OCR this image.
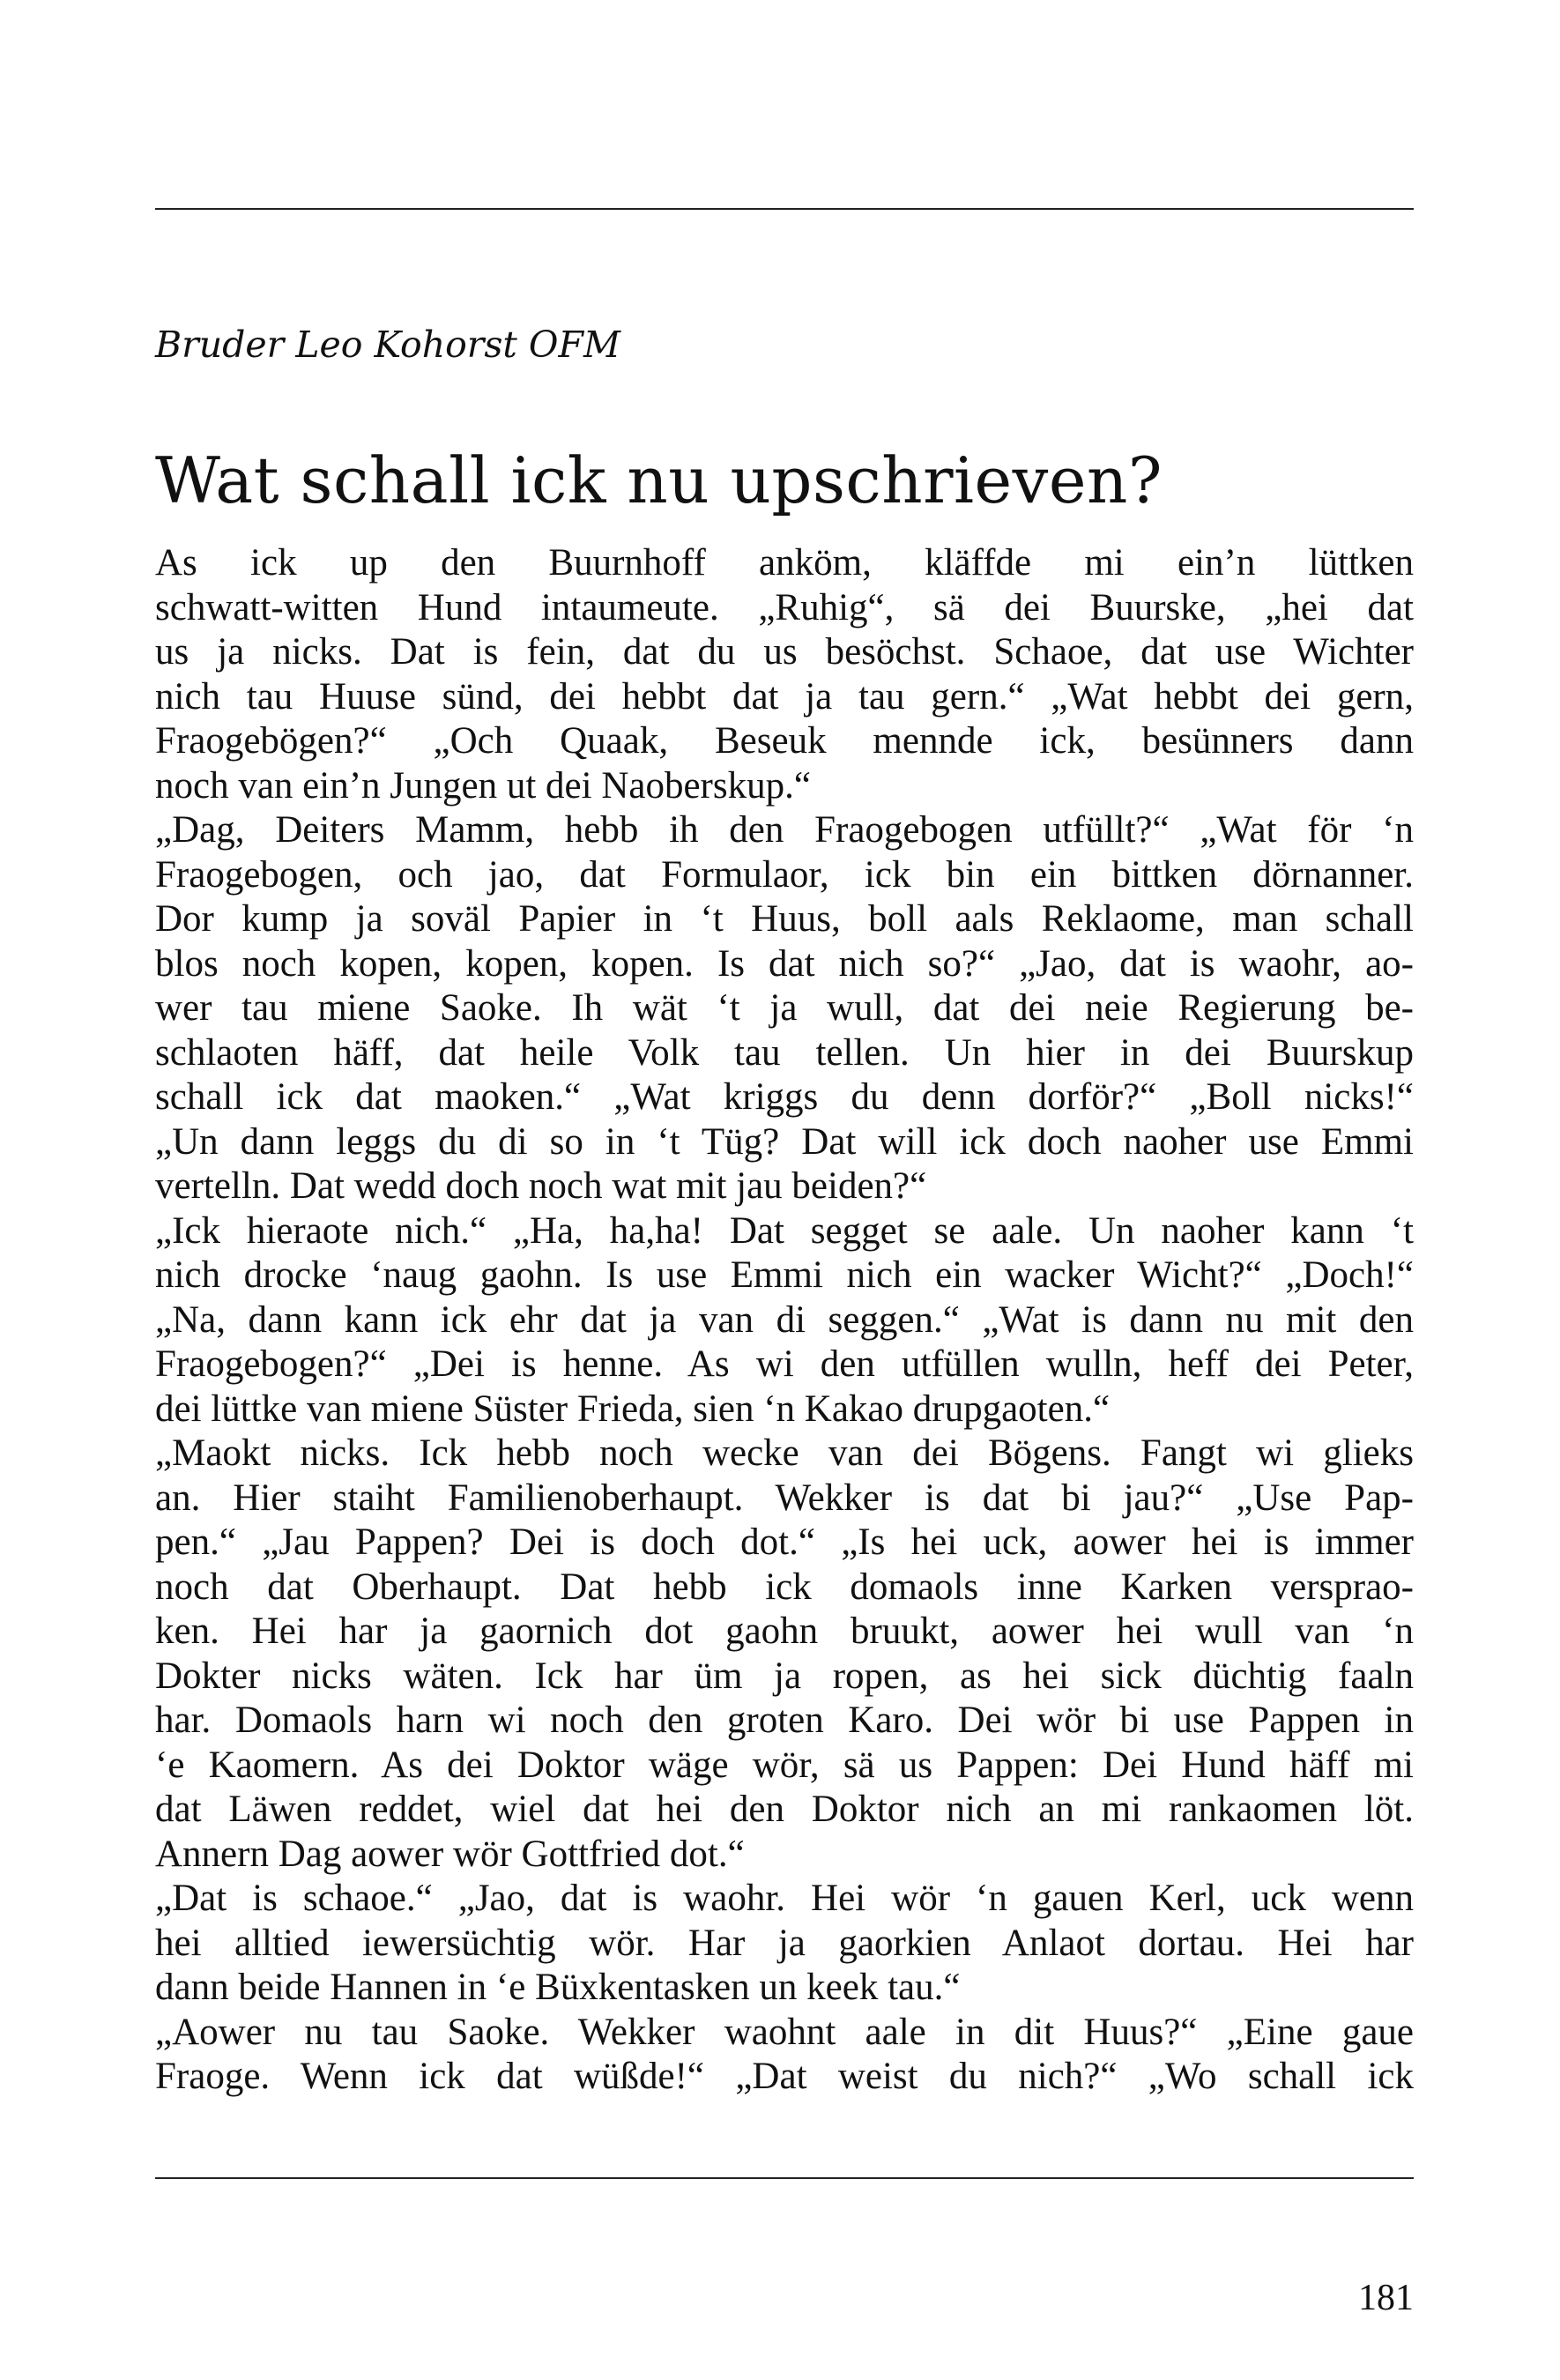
Bruder Leo Kohorst OFM
Wat schall ick nu upschrieven?
As ick up den Buurnhoff anköm, kläffde mi ein’n lüttken
schwatt-witten Hund intaumeute. „Ruhig“, sä dei Buurske, „hei dat
us ja nicks. Dat is fein, dat du us besöchst. Schaoe, dat use Wichter
nich tau Huuse sünd, dei hebbt dat ja tau gern.“ „Wat hebbt dei gern,
Fraogebögen?“ „Och Quaak, Beseuk mennde ick, besünners dann
noch van ein’n Jungen ut dei Naoberskup.“
„Dag, Deiters Mamm, hebb ih den Fraogebogen utfüllt?“ „Wat för ‘n
Fraogebogen, och jao, dat Formulaor, ick bin ein bittken dörnanner.
Dor kump ja soväl Papier in ‘t Huus, boll aals Reklaome, man schall
blos noch kopen, kopen, kopen. Is dat nich so?“ „Jao, dat is waohr, ao-
wer tau miene Saoke. Ih wät ‘t ja wull, dat dei neie Regierung be-
schlaoten häff, dat heile Volk tau tellen. Un hier in dei Buurskup
schall ick dat maoken.“ „Wat kriggs du denn dorför?“ „Boll nicks!“
„Un dann leggs du di so in ‘t Tüg? Dat will ick doch naoher use Emmi
vertelln. Dat wedd doch noch wat mit jau beiden?“
„Ick hieraote nich.“ „Ha, ha,ha! Dat segget se aale. Un naoher kann ‘t
nich drocke ‘naug gaohn. Is use Emmi nich ein wacker Wicht?“ „Doch!“
„Na, dann kann ick ehr dat ja van di seggen.“ „Wat is dann nu mit den
Fraogebogen?“ „Dei is henne. As wi den utfüllen wulln, heff dei Peter,
dei lüttke van miene Süster Frieda, sien ‘n Kakao drupgaoten.“
„Maokt nicks. Ick hebb noch wecke van dei Bögens. Fangt wi glieks
an. Hier staiht Familienoberhaupt. Wekker is dat bi jau?“ „Use Pap-
pen.“ „Jau Pappen? Dei is doch dot.“ „Is hei uck, aower hei is immer
noch dat Oberhaupt. Dat hebb ick domaols inne Karken verspraо-
ken. Hei har ja gaornich dot gaohn bruukt, aower hei wull van ‘n
Dokter nicks wäten. Ick har üm ja ropen, as hei sick düchtig faaln
har. Domaols harn wi noch den groten Karo. Dei wör bi use Pappen in
‘e Kaomern. As dei Doktor wäge wör, sä us Pappen: Dei Hund häff mi
dat Läwen reddet, wiel dat hei den Doktor nich an mi rankaomen löt.
Annern Dag aower wör Gottfried dot.“
„Dat is schaoe.“ „Jao, dat is waohr. Hei wör ‘n gauen Kerl, uck wenn
hei alltied iewersüchtig wör. Har ja gaorkien Anlaot dortau. Hei har
dann beide Hannen in ‘e Büxkentasken un keek tau.“
„Aower nu tau Saoke. Wekker waohnt aale in dit Huus?“ „Eine gaue
Fraoge. Wenn ick dat wüßde!“ „Dat weist du nich?“ „Wo schall ick
181
